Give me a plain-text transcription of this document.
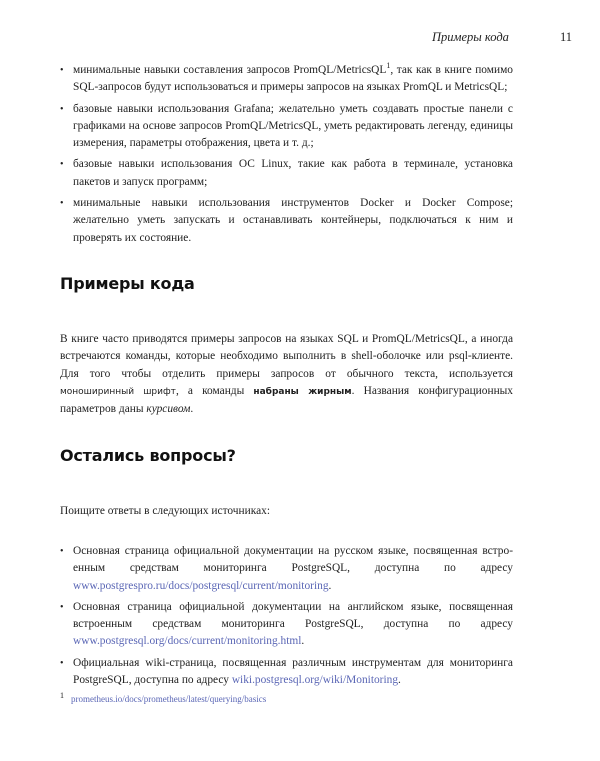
Примеры кода	11
• минимальные навыки составления запросов PromQL/MetricsQL$^1$, так как в книге помимо SQL-запросов будут использоваться и примеры запросов на языках PromQL и MetricsQL;
• базовые навыки использования Grafana; желательно уметь создавать простые панели с графиками на основе запросов PromQL/MetricsQL, уметь редактировать легенду, единицы измерения, параметры отображения, цвета и т. д.;
• базовые навыки использования ОС Linux, такие как работа в терминале, установка пакетов и запуск программ;
• минимальные навыки использования инструментов Docker и Docker Compose; желательно уметь запускать и останавливать контейнеры, подключаться к ним и проверять их состояние.
Примеры кода
В книге часто приводятся примеры запросов на языках SQL и PromQL/MetricsQL, а иногда встречаются команды, которые необходимо выполнить в shell-оболочке или psql-клиенте. Для того чтобы отделить примеры запросов от обычного текста, используется моноширинный шрифт, а команды набраны жирным. Названия конфигурационных параметров даны курсивом.
Остались вопросы?
Поищите ответы в следующих источниках:
• Основная страница официальной документации на русском языке, посвященная встроенным средствам мониторинга PostgreSQL, доступна по адресу www.postgrespro.ru/docs/postgresql/current/monitoring.
• Основная страница официальной документации на английском языке, посвященная встроенным средствам мониторинга PostgreSQL, доступна по адресу www.postgresql.org/docs/current/monitoring.html.
• Официальная wiki-страница, посвященная различным инструментам для мониторинга PostgreSQL, доступна по адресу wiki.postgresql.org/wiki/Monitoring.
$^1$ prometheus.io/docs/prometheus/latest/querying/basics
